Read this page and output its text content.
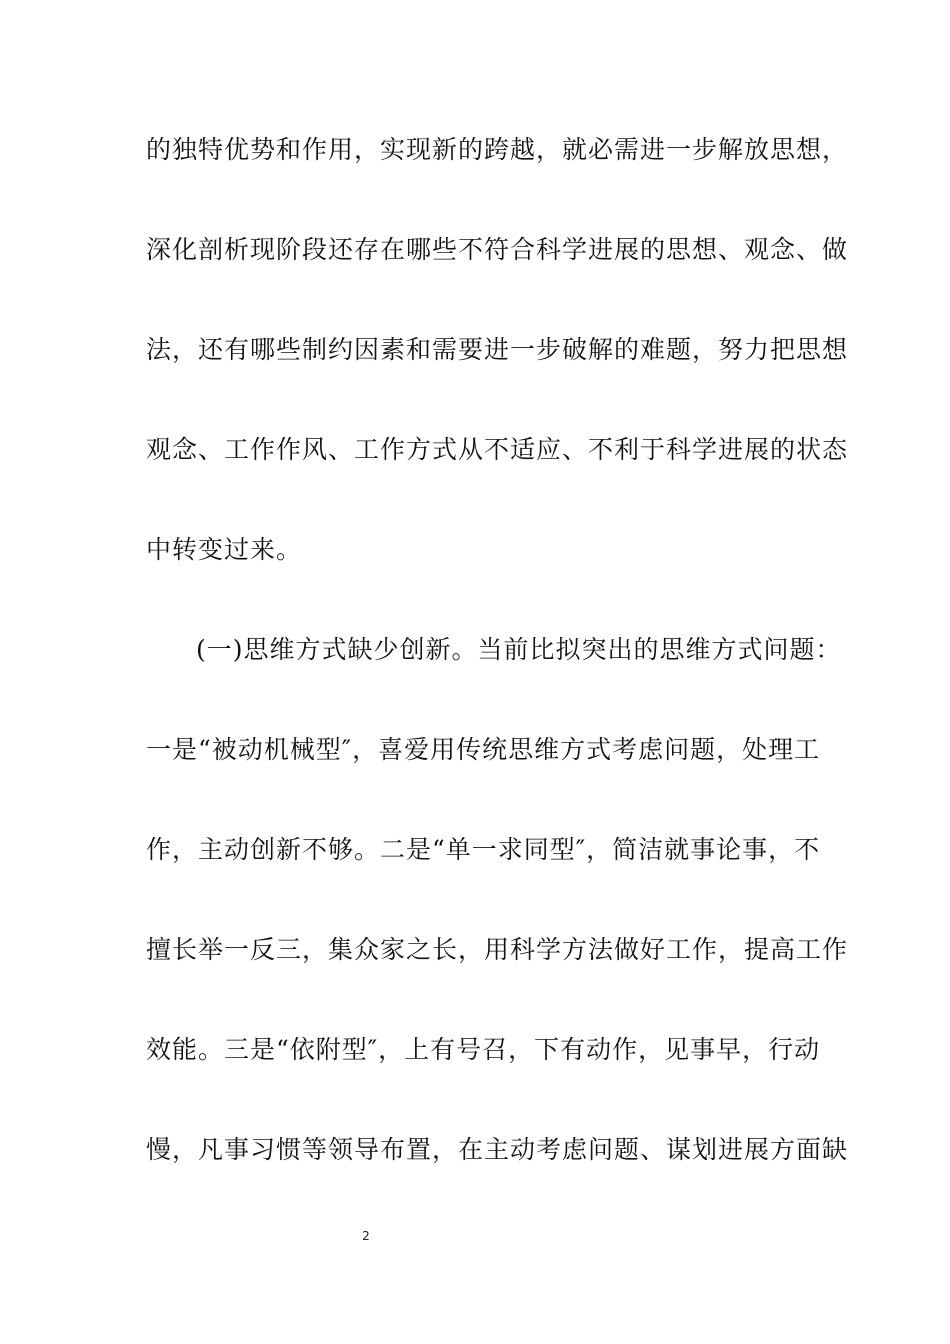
的独特优势和作用，实现新的跨越，就必需进一步解放思想，
深化剖析现阶段还存在哪些不符合科学进展的思想、观念、做
法，还有哪些制约因素和需要进一步破解的难题，努力把思想
观念、工作作风、工作方式从不适应、不利于科学进展的状态
中转变过来。
(一)思维方式缺少创新。当前比拟突出的思维方式问题：
一是“被动机械型″，喜爱用传统思维方式考虑问题，处理工
作，主动创新不够。二是“单一求同型″，简洁就事论事，不
擅长举一反三，集众家之长，用科学方法做好工作，提高工作
效能。三是“依附型″，上有号召，下有动作，见事早，行动
慢，凡事习惯等领导布置，在主动考虑问题、谋划进展方面缺
2
